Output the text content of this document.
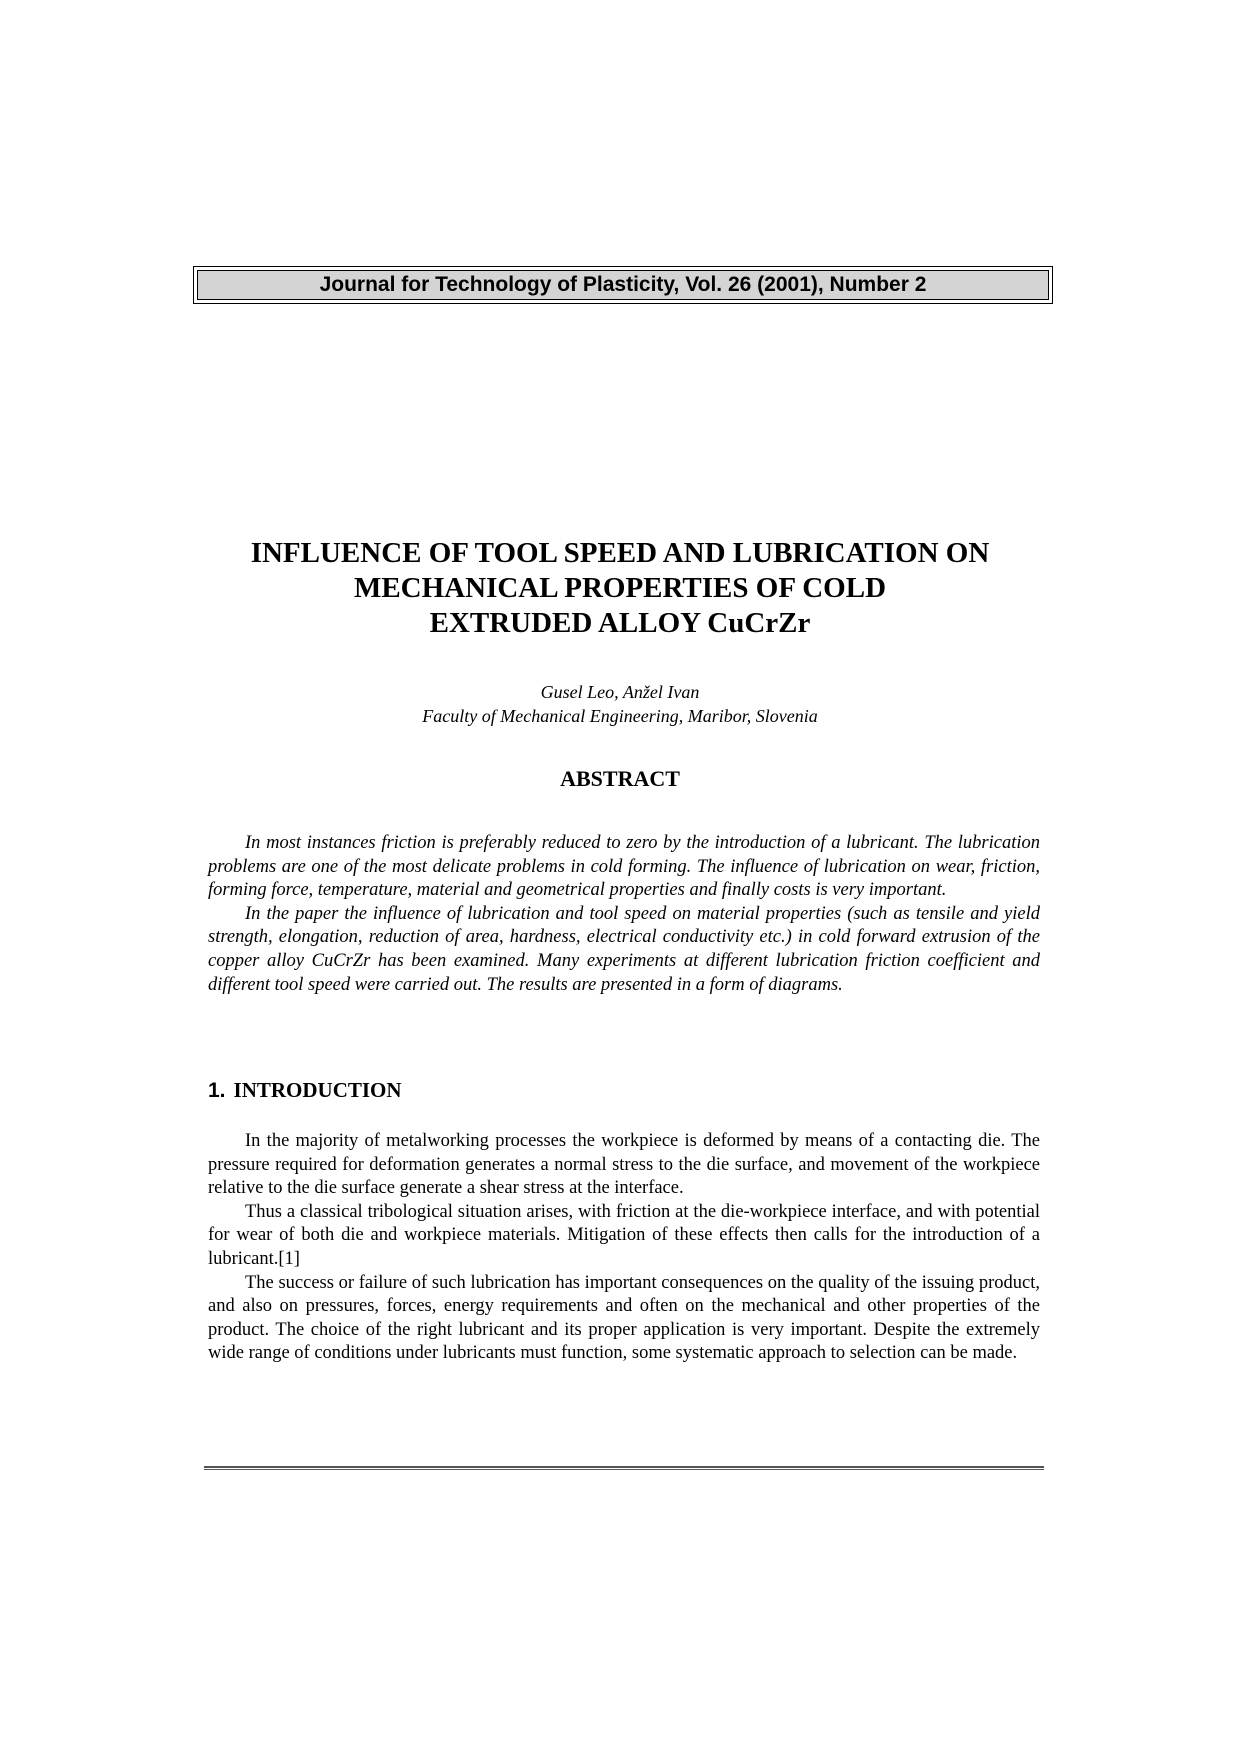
Journal for Technology of Plasticity, Vol. 26 (2001), Number 2
INFLUENCE OF TOOL SPEED AND LUBRICATION ON
MECHANICAL PROPERTIES OF COLD
EXTRUDED ALLOY CuCrZr
Gusel Leo, Anžel Ivan
Faculty of Mechanical Engineering, Maribor, Slovenia
ABSTRACT

In most instances friction is preferably reduced to zero by the introduction of a lubricant. The lubrication problems are one of the most delicate problems in cold forming. The influence of lubrication on wear, friction, forming force, temperature, material and geometrical properties and finally costs is very important.

In the paper the influence of lubrication and tool speed on material properties (such as tensile and yield strength, elongation, reduction of area, hardness, electrical conductivity etc.) in cold forward extrusion of the copper alloy CuCrZr has been examined. Many experiments at different lubrication friction coefficient and different tool speed were carried out. The results are presented in a form of diagrams.

1. INTRODUCTION

In the majority of metalworking processes the workpiece is deformed by means of a contacting die. The pressure required for deformation generates a normal stress to the die surface, and movement of the workpiece relative to the die surface generate a shear stress at the interface.

Thus a classical tribological situation arises, with friction at the die-workpiece interface, and with potential for wear of both die and workpiece materials. Mitigation of these effects then calls for the introduction of a lubricant.[1]

The success or failure of such lubrication has important consequences on the quality of the issuing product, and also on pressures, forces, energy requirements and often on the mechanical and other properties of the product. The choice of the right lubricant and its proper application is very important. Despite the extremely wide range of conditions under lubricants must function, some systematic approach to selection can be made.
